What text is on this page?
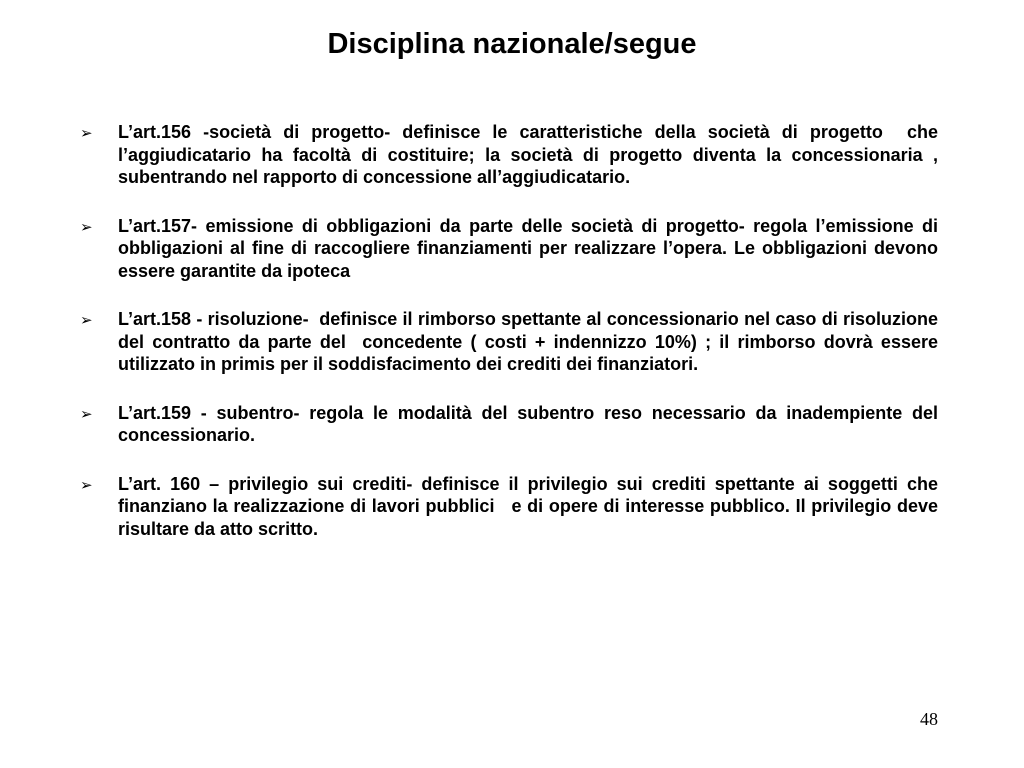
Disciplina nazionale/segue
➢	L’art.156 -società di progetto- definisce le caratteristiche della società di progetto  che l’aggiudicatario ha facoltà di costituire; la società di progetto diventa la concessionaria , subentrando nel rapporto di concessione all’aggiudicatario.
➢	L’art.157- emissione di obbligazioni da parte delle società di progetto- regola l’emissione di obbligazioni al fine di raccogliere finanziamenti per realizzare l’opera. Le obbligazioni devono essere garantite da ipoteca
➢	L’art.158 - risoluzione-  definisce il rimborso spettante al concessionario nel caso di risoluzione del contratto da parte del  concedente ( costi + indennizzo 10%) ; il rimborso dovrà essere utilizzato in primis per il soddisfacimento dei crediti dei finanziatori.
➢	L’art.159 - subentro- regola le modalità del subentro reso necessario da inadempiente del concessionario.
➢	L’art. 160 – privilegio sui crediti- definisce il privilegio sui crediti spettante ai soggetti che finanziano la realizzazione di lavori pubblici   e di opere di interesse pubblico. Il privilegio deve risultare da atto scritto.
48
